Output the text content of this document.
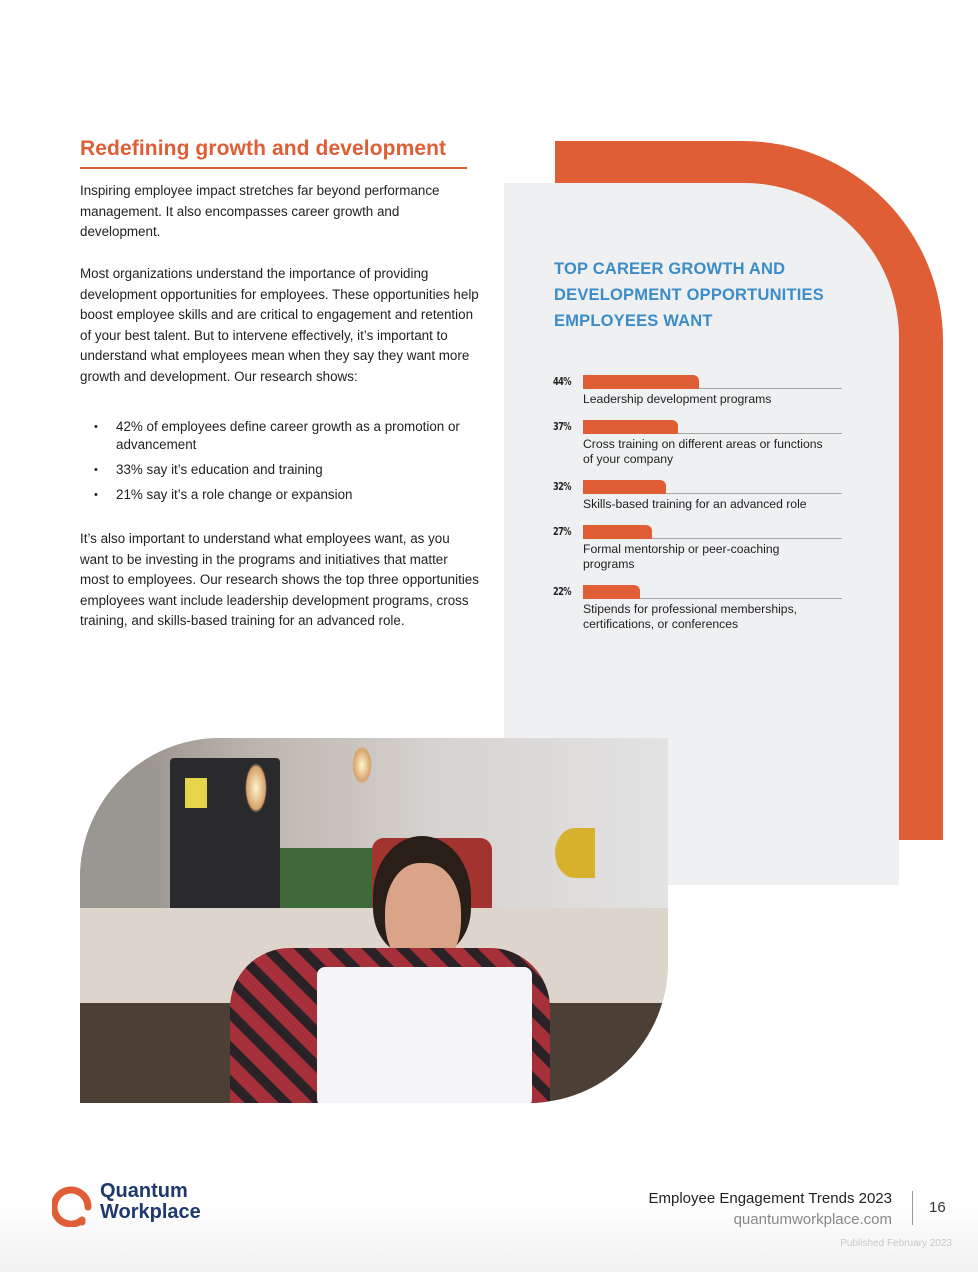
Redefining growth and development

Inspiring employee impact stretches far beyond performance management. It also encompasses career growth and development.

Most organizations understand the importance of providing development opportunities for employees. These opportunities help boost employee skills and are critical to engagement and retention of your best talent. But to intervene effectively, it’s important to understand what employees mean when they say they want more growth and development. Our research shows:

• 42% of employees define career growth as a promotion or advancement
• 33% say it’s education and training
• 21% say it’s a role change or expansion

It’s also important to understand what employees want, as you want to be investing in the programs and initiatives that matter most to employees. Our research shows the top three opportunities employees want include leadership development programs, cross training, and skills-based training for an advanced role.

TOP CAREER GROWTH AND DEVELOPMENT OPPORTUNITIES EMPLOYEES WANT
44%
Leadership development programs
37%
Cross training on different areas or functions of your company
32%
Skills-based training for an advanced role
27%
Formal mentorship or peer-coaching programs
22%
Stipends for professional memberships, certifications, or conferences
Quantum
Workplace
Employee Engagement Trends 2023
quantumworkplace.com
16
Published February 2023
